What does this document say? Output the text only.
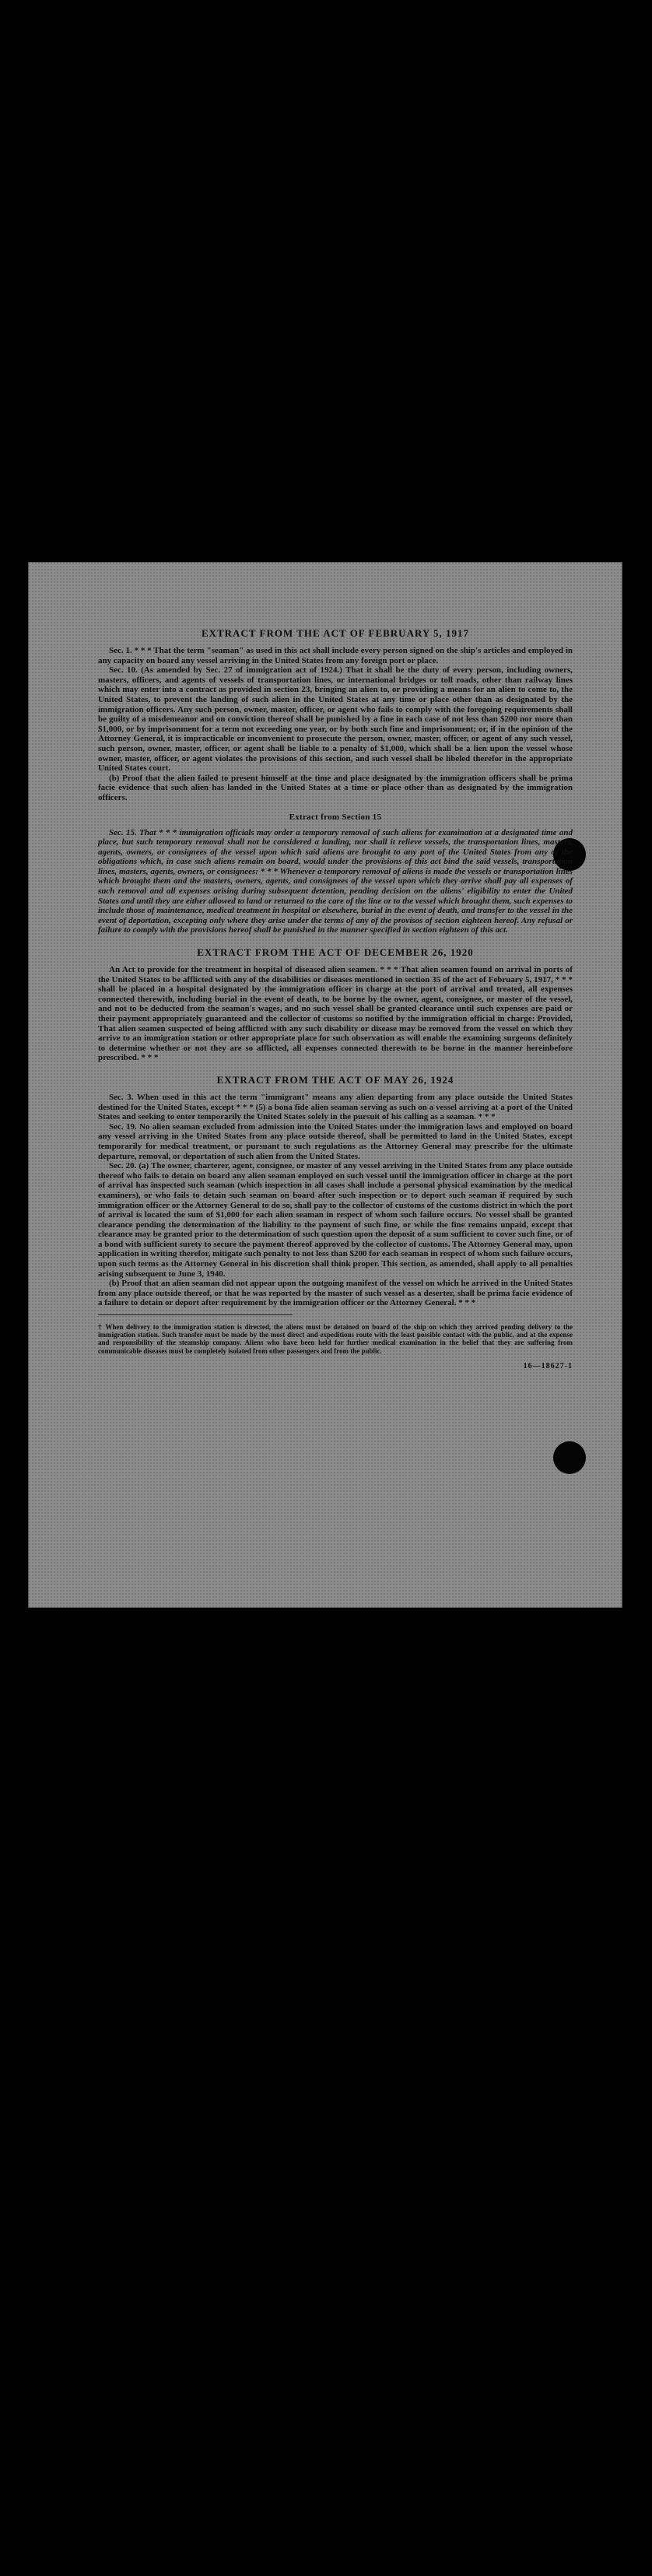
EXTRACT FROM THE ACT OF FEBRUARY 5, 1917

Sec. 1. * * * That the term "seaman" as used in this act shall include every person signed on the ship's articles and employed in any capacity on board any vessel arriving in the United States from any foreign port or place.

Sec. 10. (As amended by Sec. 27 of immigration act of 1924.) That it shall be the duty of every person, including owners, masters, officers, and agents of vessels of transportation lines, or international bridges or toll roads, other than railway lines which may enter into a contract as provided in section 23, bringing an alien to, or providing a means for an alien to come to, the United States, to prevent the landing of such alien in the United States at any time or place other than as designated by the immigration officers. Any such person, owner, master, officer, or agent who fails to comply with the foregoing requirements shall be guilty of a misdemeanor and on conviction thereof shall be punished by a fine in each case of not less than $200 nor more than $1,000, or by imprisonment for a term not exceeding one year, or by both such fine and imprisonment; or, if in the opinion of the Attorney General, it is impracticable or inconvenient to prosecute the person, owner, master, officer, or agent of any such vessel, such person, owner, master, officer, or agent shall be liable to a penalty of $1,000, which shall be a lien upon the vessel whose owner, master, officer, or agent violates the provisions of this section, and such vessel shall be libeled therefor in the appropriate United States court.

(b) Proof that the alien failed to present himself at the time and place designated by the immigration officers shall be prima facie evidence that such alien has landed in the United States at a time or place other than as designated by the immigration officers.

Extract from Section 15

Sec. 15. That * * * immigration officials may order a temporary removal of such aliens for examination at a designated time and place, but such temporary removal shall not be considered a landing, nor shall it relieve vessels, the transportation lines, masters, agents, owners, or consignees of the vessel upon which said aliens are brought to any port of the United States from any of the obligations which, in case such aliens remain on board, would under the provisions of this act bind the said vessels, transportation lines, masters, agents, owners, or consignees: * * * Whenever a temporary removal of aliens is made the vessels or transportation lines which brought them and the masters, owners, agents, and consignees of the vessel upon which they arrive shall pay all expenses of such removal and all expenses arising during subsequent detention, pending decision on the aliens' eligibility to enter the United States and until they are either allowed to land or returned to the care of the line or to the vessel which brought them, such expenses to include those of maintenance, medical treatment in hospital or elsewhere, burial in the event of death, and transfer to the vessel in the event of deportation, excepting only where they arise under the terms of any of the provisos of section eighteen hereof. Any refusal or failure to comply with the provisions hereof shall be punished in the manner specified in section eighteen of this act.

EXTRACT FROM THE ACT OF DECEMBER 26, 1920

An Act to provide for the treatment in hospital of diseased alien seamen. * * * That alien seamen found on arrival in ports of the United States to be afflicted with any of the disabilities or diseases mentioned in section 35 of the act of February 5, 1917, * * * shall be placed in a hospital designated by the immigration officer in charge at the port of arrival and treated, all expenses connected therewith, including burial in the event of death, to be borne by the owner, agent, consignee, or master of the vessel, and not to be deducted from the seaman's wages, and no such vessel shall be granted clearance until such expenses are paid or their payment appropriately guaranteed and the collector of customs so notified by the immigration official in charge: Provided, That alien seamen suspected of being afflicted with any such disability or disease may be removed from the vessel on which they arrive to an immigration station or other appropriate place for such observation as will enable the examining surgeons definitely to determine whether or not they are so afflicted, all expenses connected therewith to be borne in the manner hereinbefore prescribed. * * *

EXTRACT FROM THE ACT OF MAY 26, 1924

Sec. 3. When used in this act the term "immigrant" means any alien departing from any place outside the United States destined for the United States, except * * * (5) a bona fide alien seaman serving as such on a vessel arriving at a port of the United States and seeking to enter temporarily the United States solely in the pursuit of his calling as a seaman. * * *

Sec. 19. No alien seaman excluded from admission into the United States under the immigration laws and employed on board any vessel arriving in the United States from any place outside thereof, shall be permitted to land in the United States, except temporarily for medical treatment, or pursuant to such regulations as the Attorney General may prescribe for the ultimate departure, removal, or deportation of such alien from the United States.

Sec. 20. (a) The owner, charterer, agent, consignee, or master of any vessel arriving in the United States from any place outside thereof who fails to detain on board any alien seaman employed on such vessel until the immigration officer in charge at the port of arrival has inspected such seaman (which inspection in all cases shall include a personal physical examination by the medical examiners), or who fails to detain such seaman on board after such inspection or to deport such seaman if required by such immigration officer or the Attorney General to do so, shall pay to the collector of customs of the customs district in which the port of arrival is located the sum of $1,000 for each alien seaman in respect of whom such failure occurs. No vessel shall be granted clearance pending the determination of the liability to the payment of such fine, or while the fine remains unpaid, except that clearance may be granted prior to the determination of such question upon the deposit of a sum sufficient to cover such fine, or of a bond with sufficient surety to secure the payment thereof approved by the collector of customs. The Attorney General may, upon application in writing therefor, mitigate such penalty to not less than $200 for each seaman in respect of whom such failure occurs, upon such terms as the Attorney General in his discretion shall think proper. This section, as amended, shall apply to all penalties arising subsequent to June 3, 1940.

(b) Proof that an alien seaman did not appear upon the outgoing manifest of the vessel on which he arrived in the United States from any place outside thereof, or that he was reported by the master of such vessel as a deserter, shall be prima facie evidence of a failure to detain or deport after requirement by the immigration officer or the Attorney General. * * *

† When delivery to the immigration station is directed, the aliens must be detained on board of the ship on which they arrived pending delivery to the immigration station. Such transfer must be made by the most direct and expeditious route with the least possible contact with the public, and at the expense and responsibility of the steamship company. Aliens who have been held for further medical examination in the belief that they are suffering from communicable diseases must be completely isolated from other passengers and from the public.

16—18627-1
